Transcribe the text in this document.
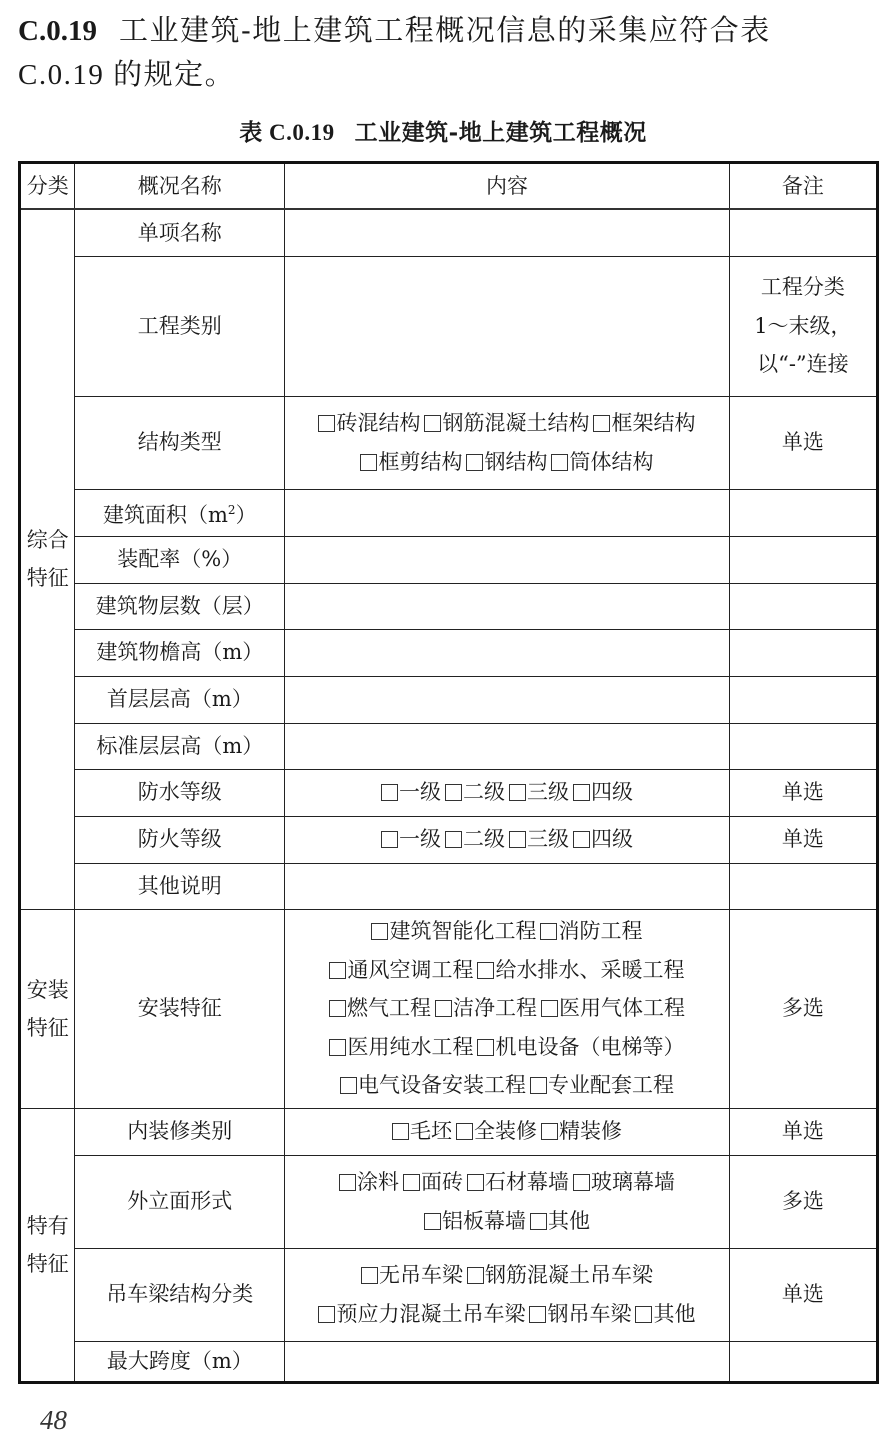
C.0.19 工业建筑-地上建筑工程概况信息的采集应符合表
C.0.19 的规定。
表 C.0.19 工业建筑-地上建筑工程概况
分类	概况名称	内容	备注

综合
特征	单项名称		
	工程类别		工程分类
1～末级，
以“-”连接

	结构类型	砖混结构 钢筋混凝土结构 框架结构
框剪结构 钢结构 筒体结构	单选
	建筑面积$(m^2)$		
	装配率（%）		
	建筑物层数（层）		
	建筑物檐高（m）		
	首层层高（m）		
	标准层层高（m）		
	防水等级	一级 二级 三级 四级	单选
	防火等级	一级 二级 三级 四级	单选
	其他说明		

安装
特征
	安装特征	
建筑智能化工程 消防工程
通风空调工程 给水排水、采暖工程
燃气工程 洁净工程 医用气体工程
医用纯水工程 机电设备（电梯等）
电气设备安装工程 专业配套工程
	多选

特有
特征	内装修类别	毛坯 全装修 精装修	单选
	外立面形式	涂料 面砖 石材幕墙 玻璃幕墙
铝板幕墙 其他	多选
	吊车梁结构分类	无吊车梁 钢筋混凝土吊车梁
预应力混凝土吊车梁 钢吊车梁 其他	单选
	最大跨度（m）		
48
